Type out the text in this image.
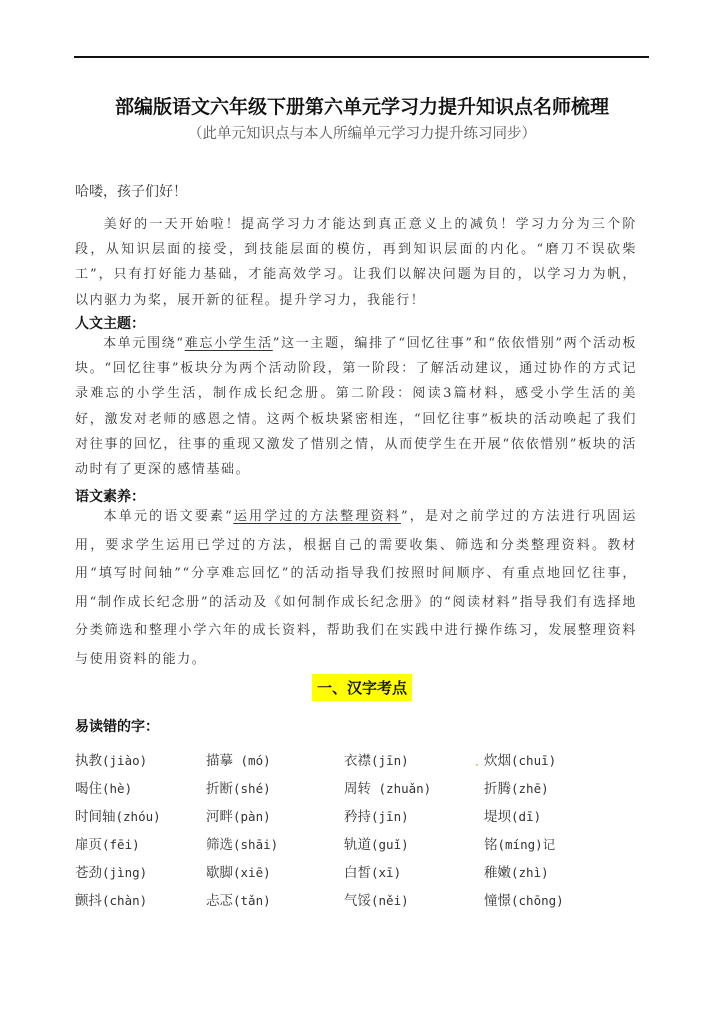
部编版语文六年级下册第六单元学习力提升知识点名师梳理
（此单元知识点与本人所编单元学习力提升练习同步）
哈喽，孩子们好！
美好的一天开始啦！提高学习力才能达到真正意义上的减负！学习力分为三个阶段，从知识层面的接受，到技能层面的模仿，再到知识层面的内化。“磨刀不误砍柴工”，只有打好能力基础，才能高效学习。让我们以解决问题为目的，以学习力为帆，以内驱力为桨，展开新的征程。提升学习力，我能行！
人文主题：
本单元围绕“难忘小学生活”这一主题，编排了“回忆往事”和“依依惜别”两个活动板块。“回忆往事”板块分为两个活动阶段，第一阶段：了解活动建议，通过协作的方式记录难忘的小学生活，制作成长纪念册。第二阶段：阅读3篇材料，感受小学生活的美好，激发对老师的感恩之情。这两个板块紧密相连，“回忆往事”板块的活动唤起了我们对往事的回忆，往事的重现又激发了惜别之情，从而使学生在开展“依依惜别”板块的活动时有了更深的感情基础。
语文素养：
本单元的语文要素“运用学过的方法整理资料”，是对之前学过的方法进行巩固运用，要求学生运用已学过的方法，根据自己的需要收集、筛选和分类整理资料。教材用“填写时间轴”“分享难忘回忆”的活动指导我们按照时间顺序、有重点地回忆往事，用“制作成长纪念册”的活动及《如何制作成长纪念册》的“阅读材料”指导我们有选择地分类筛选和整理小学六年的成长资料，帮助我们在实践中进行操作练习，发展整理资料与使用资料的能力。
一、汉字考点
易读错的字：
执教(jiào)	描摹 (mó)	衣襟(jīn)	炊烟(chuī)
喝住(hè)	折断(shé)	周转 (zhuǎn)	折腾(zhē)
时间轴(zhóu)	河畔(pàn)	矜持(jīn)	堤坝(dī)
扉页(fēi)	筛选(shāi)	轨道(guǐ)	铭(míng)记
苍劲(jìng)	歇脚(xiē)	白皙(xī)	稚嫩(zhì)
颤抖(chàn)	忐忑(tǎn)	气馁(něi)	憧憬(chōng)
